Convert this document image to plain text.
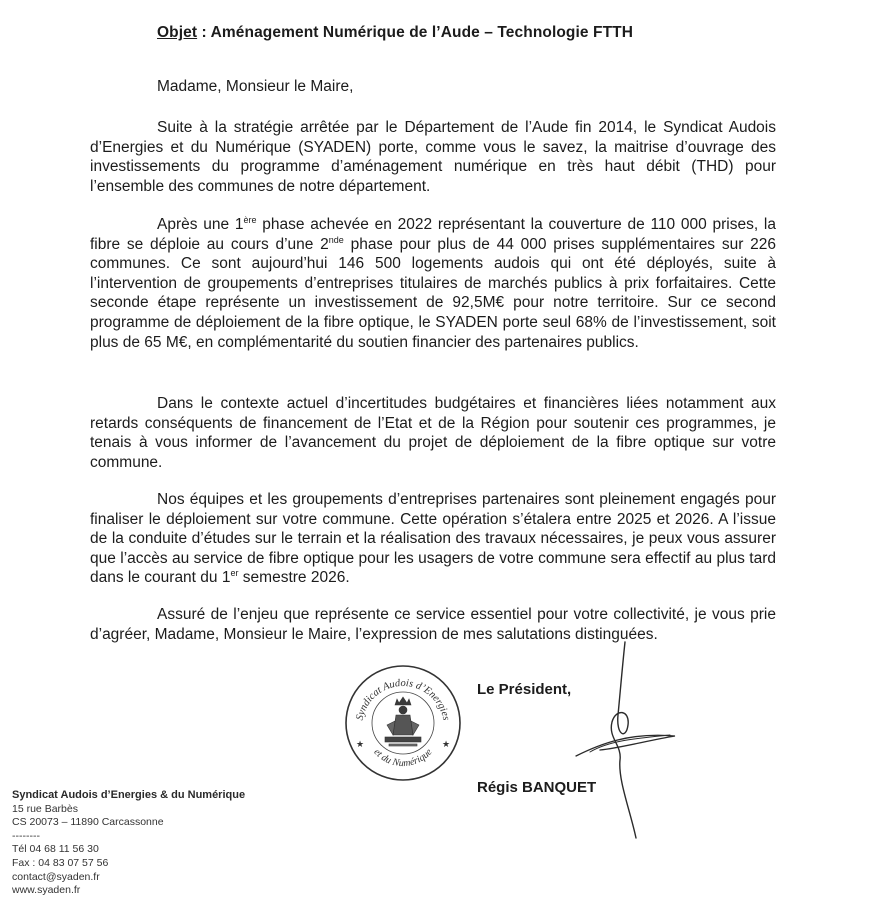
Objet : Aménagement Numérique de l’Aude – Technologie FTTH
Madame, Monsieur le Maire,

Suite à la stratégie arrêtée par le Département de l’Aude fin 2014, le Syndicat Audois d’Energies et du Numérique (SYADEN) porte, comme vous le savez, la maitrise d’ouvrage des investissements du programme d’aménagement numérique en très haut débit (THD) pour l’ensemble des communes de notre département.

Après une 1ère phase achevée en 2022 représentant la couverture de 110 000 prises, la fibre se déploie au cours d’une 2nde phase pour plus de 44 000 prises supplémentaires sur 226 communes. Ce sont aujourd’hui 146 500 logements audois qui ont été déployés, suite à l’intervention de groupements d’entreprises titulaires de marchés publics à prix forfaitaires. Cette seconde étape représente un investissement de 92,5M€ pour notre territoire. Sur ce second programme de déploiement de la fibre optique, le SYADEN porte seul 68% de l’investissement, soit plus de 65 M€, en complémentarité du soutien financier des partenaires publics.

Dans le contexte actuel d’incertitudes budgétaires et financières liées notamment aux retards conséquents de financement de l’Etat et de la Région pour soutenir ces programmes, je tenais à vous informer de l’avancement du projet de déploiement de la fibre optique sur votre commune.

Nos équipes et les groupements d’entreprises partenaires sont pleinement engagés pour finaliser le déploiement sur votre commune. Cette opération s’étalera entre 2025 et 2026. A l’issue de la conduite d’études sur le terrain et la réalisation des travaux nécessaires, je peux vous assurer que l’accès au service de fibre optique pour les usagers de votre commune sera effectif au plus tard dans le courant du 1er semestre 2026.

Assuré de l’enjeu que représente ce service essentiel pour votre collectivité, je vous prie d’agréer, Madame, Monsieur le Maire, l’expression de mes salutations distinguées.

Syndicat Audois d’Energies
et du Numérique
★	★
Le Président,
Régis BANQUET
Syndicat Audois d’Energies & du Numérique
15 rue Barbès
CS 20073 – 11890 Carcassonne
--------
Tél 04 68 11 56 30
Fax : 04 83 07 57 56
contact@syaden.fr
www.syaden.fr
